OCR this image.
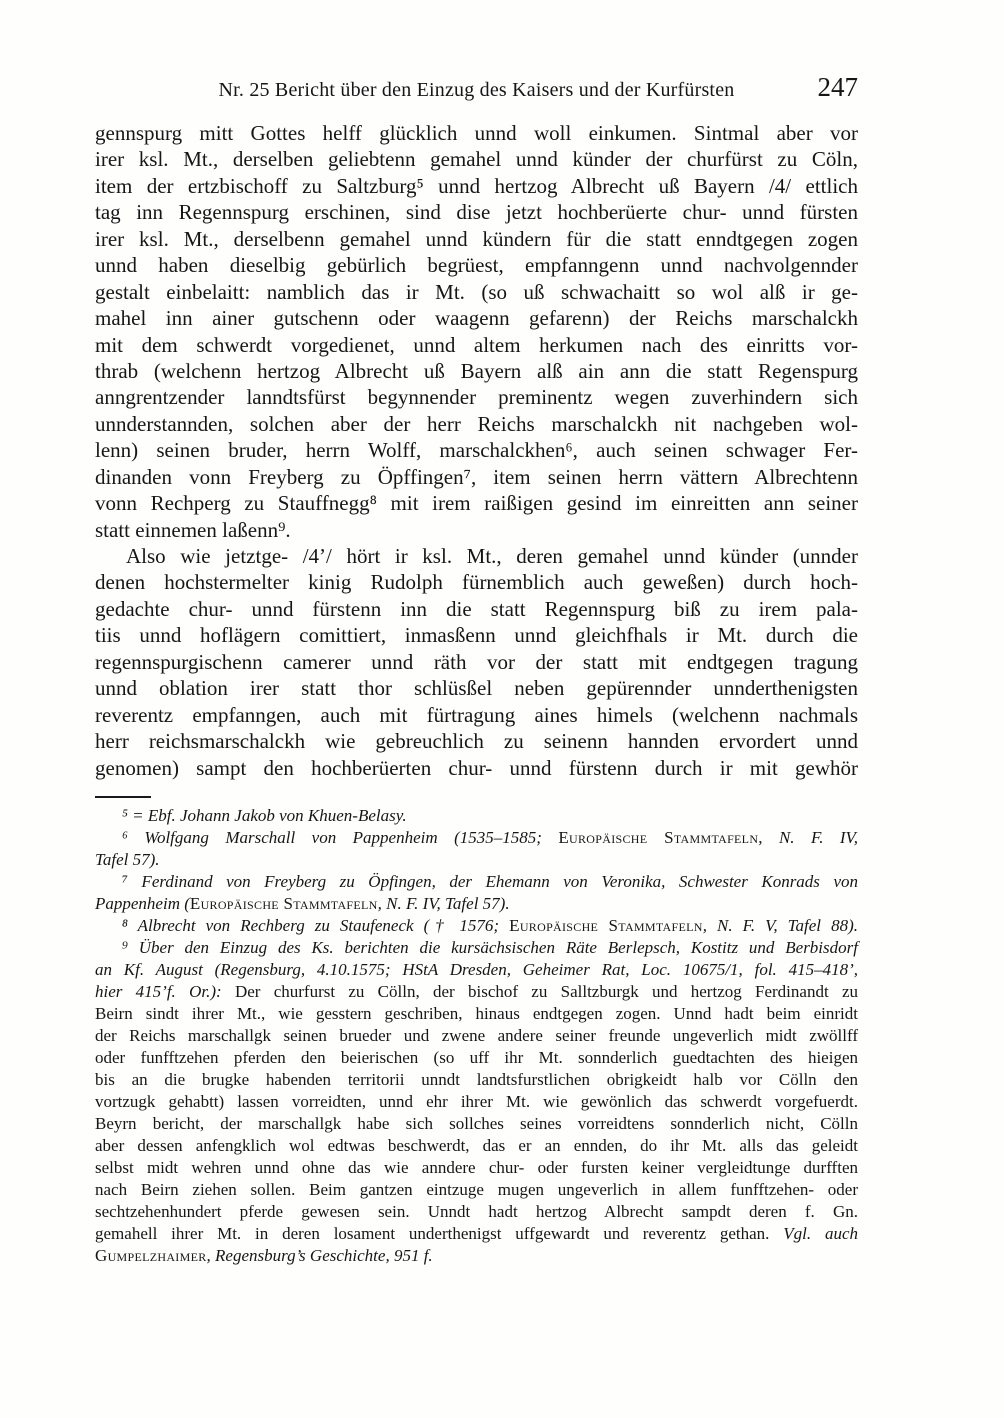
Nr. 25 Bericht über den Einzug des Kaisers und der Kurfürsten	247
gennspurg mitt Gottes helff glücklich unnd woll einkumen. Sintmal aber vor
irer ksl. Mt., derselben geliebtenn gemahel unnd künder der churfürst zu Cöln,
item der ertzbischoff zu Saltzburg⁵ unnd hertzog Albrecht uß Bayern /4/ ettlich
tag inn Regennspurg erschinen, sind dise jetzt hochberüerte chur- unnd fürsten
irer ksl. Mt., derselbenn gemahel unnd kündern für die statt enndtgegen zogen
unnd haben dieselbig gebürlich begrüest, empfanngenn unnd nachvolgennder
gestalt einbelaitt: namblich das ir Mt. (so uß schwachaitt so wol alß ir ge-
mahel inn ainer gutschenn oder waagenn gefarenn) der Reichs marschalckh
mit dem schwerdt vorgedienet, unnd altem herkumen nach des einritts vor-
thrab (welchenn hertzog Albrecht uß Bayern alß ain ann die statt Regenspurg
anngrentzender lanndtsfürst begynnender preminentz wegen zuverhindern sich
unnderstannden, solchen aber der herr Reichs marschalckh nit nachgeben wol-
lenn) seinen bruder, herrn Wolff, marschalckhen⁶, auch seinen schwager Fer-
dinanden vonn Freyberg zu Öpffingen⁷, item seinen herrn vättern Albrechtenn
vonn Rechperg zu Stauffnegg⁸ mit irem raißigen gesind im einreitten ann seiner
statt einnemen laßenn⁹.
Also wie jetztge- /4’/ hört ir ksl. Mt., deren gemahel unnd künder (unnder
denen hochstermelter kinig Rudolph fürnemblich auch geweßen) durch hoch-
gedachte chur- unnd fürstenn inn die statt Regennspurg biß zu irem pala-
tiis unnd hoflägern comittiert, inmasßenn unnd gleichfhals ir Mt. durch die
regennspurgischenn camerer unnd räth vor der statt mit endtgegen tragung
unnd oblation irer statt thor schlüsßel neben gepürennder unnderthenigsten
reverentz empfanngen, auch mit fürtragung aines himels (welchenn nachmals
herr reichsmarschalckh wie gebreuchlich zu seinenn hannden ervordert unnd
genomen) sampt den hochberüerten chur- unnd fürstenn durch ir mit gewhör
⁵ = Ebf. Johann Jakob von Khuen-Belasy.
⁶ Wolfgang Marschall von Pappenheim (1535–1585; Europäische Stammtafeln, N. F. IV,
Tafel 57).
⁷ Ferdinand von Freyberg zu Öpfingen, der Ehemann von Veronika, Schwester Konrads von
Pappenheim (Europäische Stammtafeln, N. F. IV, Tafel 57).
⁸ Albrecht von Rechberg zu Staufeneck († 1576; Europäische Stammtafeln, N. F. V, Tafel 88).
⁹ Über den Einzug des Ks. berichten die kursächsischen Räte Berlepsch, Kostitz und Berbisdorf
an Kf. August (Regensburg, 4.10.1575; HStA Dresden, Geheimer Rat, Loc. 10675/1, fol. 415–418’,
hier 415’f. Or.): Der churfurst zu Cölln, der bischof zu Salltzburgk und hertzog Ferdinandt zu
Beirn sindt ihrer Mt., wie gesstern geschriben, hinaus endtgegen zogen. Unnd hadt beim einridt
der Reichs marschallgk seinen brueder und zwene andere seiner freunde ungeverlich midt zwöllff
oder funfftzehen pferden den beierischen (so uff ihr Mt. sonnderlich guedtachten des hieigen
bis an die brugke habenden territorii unndt landtsfurstlichen obrigkeidt halb vor Cölln den
vortzugk gehabtt) lassen vorreidten, unnd ehr ihrer Mt. wie gewönlich das schwerdt vorgefuerdt.
Beyrn bericht, der marschallgk habe sich sollches seines vorreidtens sonnderlich nicht, Cölln
aber dessen anfengklich wol edtwas beschwerdt, das er an ennden, do ihr Mt. alls das geleidt
selbst midt wehren unnd ohne das wie anndere chur- oder fursten keiner vergleidtunge durfften
nach Beirn ziehen sollen. Beim gantzen eintzuge mugen ungeverlich in allem funfftzehen- oder
sechtzehenhundert pferde gewesen sein. Unndt hadt hertzog Albrecht sampdt deren f. Gn.
gemahell ihrer Mt. in deren losament underthenigst uffgewardt und reverentz gethan. Vgl. auch
Gumpelzhaimer, Regensburg’s Geschichte, 951 f.
